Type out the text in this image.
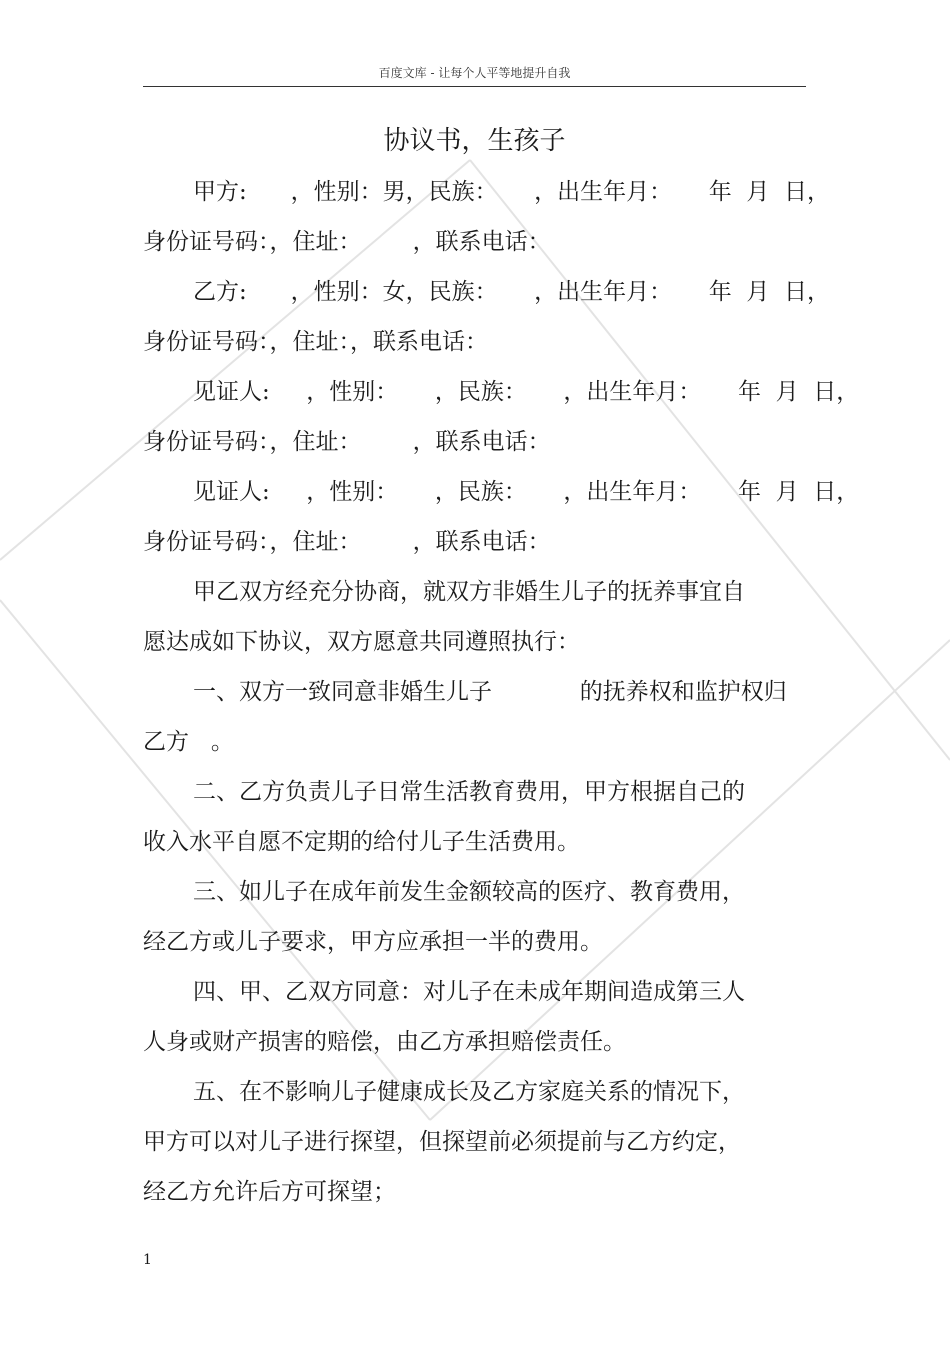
百度文库 - 让每个人平等地提升自我
协议书，生孩子
甲方:      ，性别：男，民族：     ，出生年月：     年  月  日，
身份证号码：，住址：       ，联系电话：
乙方:      ，性别：女，民族：     ，出生年月：     年  月  日，
身份证号码：，住址：，联系电话：
见证人:     ，性别：     ，民族：     ，出生年月：     年  月  日，
身份证号码：，住址：       ，联系电话：
见证人:     ，性别：     ，民族：     ，出生年月：     年  月  日，
身份证号码：，住址：       ，联系电话：
甲乙双方经充分协商，就双方非婚生儿子的抚养事宜自
愿达成如下协议，双方愿意共同遵照执行：
一、双方一致同意非婚生儿子            的抚养权和监护权归
乙方   。
二、乙方负责儿子日常生活教育费用，甲方根据自己的
收入水平自愿不定期的给付儿子生活费用。
三、如儿子在成年前发生金额较高的医疗、教育费用，
经乙方或儿子要求，甲方应承担一半的费用。
四、甲、乙双方同意：对儿子在未成年期间造成第三人
人身或财产损害的赔偿，由乙方承担赔偿责任。
五、在不影响儿子健康成长及乙方家庭关系的情况下，
甲方可以对儿子进行探望，但探望前必须提前与乙方约定，
经乙方允许后方可探望；
1
